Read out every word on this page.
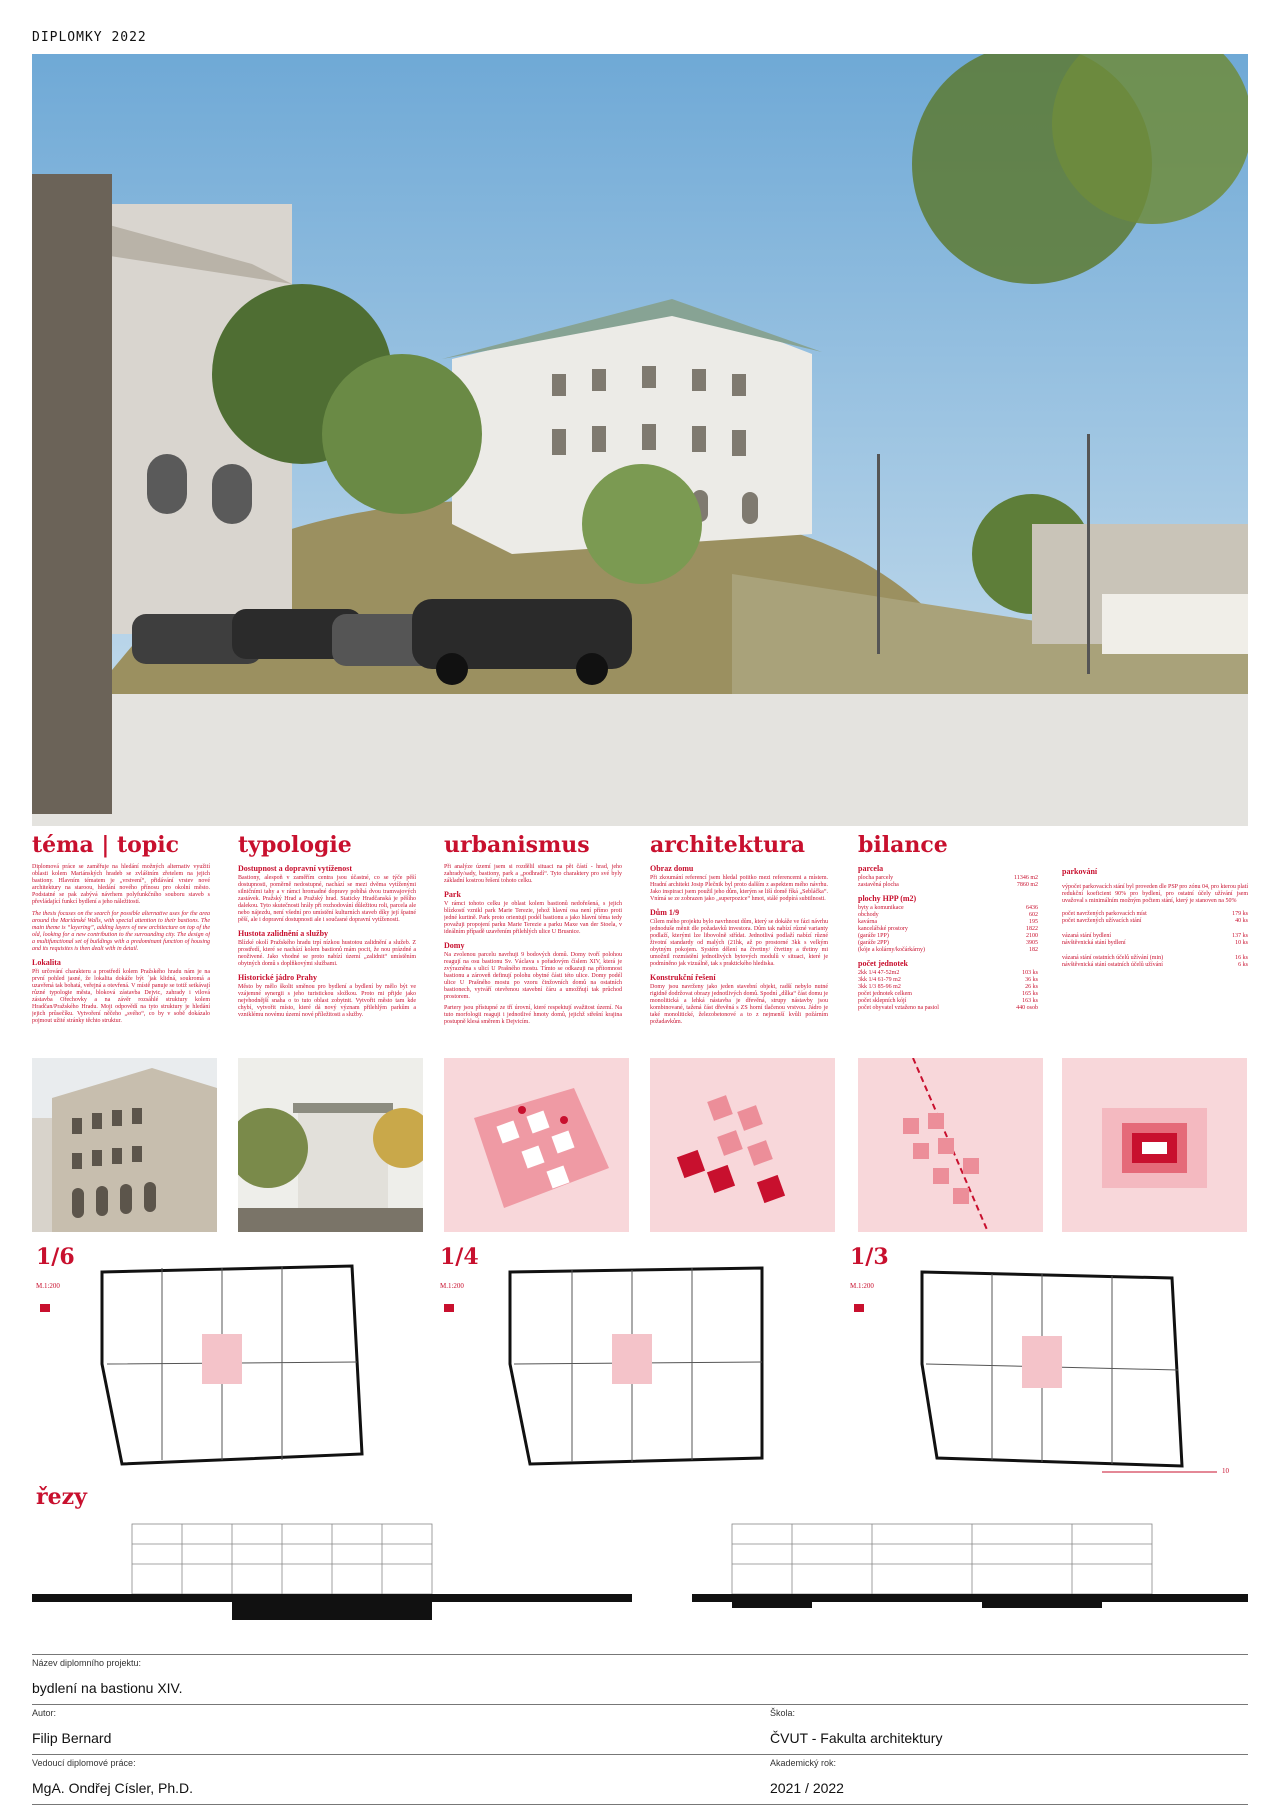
DIPLOMKY 2022
téma | topic

Diplomová práce se zaměřuje na hledání možných alternativ využití oblasti kolem Mariánských hradeb se zvláštním zřetelem na jejich bastiony. Hlavním tématem je „vrstvení“, přidávání vrstev nové architektury na staroou, hledání nového přínosu pro okolní město. Podstatné se pak zabývá návrhem polyfunkčního souboru staveb s převládající funkcí bydlení a jeho náležitostí.

The thesis focuses on the search for possible alternative uses for the area around the Mariánské Walls, with special attention to their bastions. The main theme is “layering”, adding layers of new architecture on top of the old, looking for a new contribution to the surrounding city. The design of a multifunctional set of buildings with a predominant function of housing and its requisites is then dealt with in detail.

Lokalita

Při určování charakteru a prostředí kolem Pražského hradu nám je na první pohled jasné, že lokalita dokáže být ´jak klidná, soukromá a uzavřená tak bohatá, veřejná a otevřená. V místě panuje se totiž setkávají různé typologie města, bloková zástavba Dejvic, zahrady i vilová zástavba Ořechovky a na závěr rozsáhlé struktury kolem Hradčan/Pražského Hradu. Moji odpovědí na tyto struktury je hledání jejich průsečíku. Vytvoření něčeho „svého“, co by v sobě dokázalo pojmout užité stránky těchto struktur.

typologie
Dostupnost a dopravní vytíženost

Bastiony, alespoň v zaměřím centra jsou účastné, co se týče pěší dostupnosti, poměrně nedostupné, nachází se mezi dvěma vytíženými silničními tahy a v rámci hromadné dopravy pobíhá dvou tramvajových zastávek. Pražský Hrad a Pražský hrad. Staticky Hradčanská je pěšího dalekou. Tyto skutečnosti hrály při rozhodování důležitou roli, parcela ale nebo nájezdu, není všední pro umístění kulturních staveb díky její špatné pěší, ale i dopravní dostupnosti ale i současné dopravní vytíženosti.

Hustota zalidnění a služby

Blízké okolí Pražského hradu trpí nízkou hustotou zalidnění a služeb. Z prostředí, které se nachází kolem bastionů mám pocit, že nou prázdné a neoživené. Jako vhodné se proto nabízí území „zalidnit“ umístěním obytných domů s doplňkovými službami.

Historické jádro Prahy

Město by mělo školit směnou pro bydlení a bydlení by mělo být ve vzájemné synergii s jeho turistickou složkou. Proto mi přijde jako nejvhodnější snaha o to tuto oblast zobytnit. Vytvořit město tam kde chybí, vytvořit místo, které dá nový význam přilehlým parkům a vzniklému novému území nové příležitosti a služby.

urbanismus

Při analýze území jsem si rozdělil situaci na pět částí - hrad, jeho zahrady/sady, bastiony, park a „podhradí“. Tyto charaktery pro své byly základní kostrou řešení tohoto celku.

Park

V rámci tohoto celku je oblast kolem bastionů nedořešená, s jejich blízkostí vznikl park Marie Terezie, jehož hlavní osa není přímo proti jedné kurtině. Park proto orientuji podél bastionu a jako hlavní téma tedy považuji propojení parku Marie Terezie a parku Maxe van der Stoela, v ideálním případě uzavřením přilehlých ulice U Brusnice.

Domy

Na zvolenou parcelu navrhuji 9 bodových domů. Domy tvoří polohou reagují na osu bastionu Sv. Václava s pořadovým číslem XIV, která je zvýrazněna s ulicí U Prašného mostu. Tímto se odkazuji na přítomnost bastionu a zároveň definují polohu obytné části této ulice. Domy podél ulice U Prašného mostu po vzoru činžovních domů na ostatních bastionech, vytváří otevřenou stavební čáru a umožňují tak průchod prostorem.

Partery jsou přístupné ze tří úrovní, které respektují svažitost území. Na tuto morfologii reaguji i jednotlivé hmoty domů, jejichž střešní krajina postupně klesá směrem k Dejvicím.

architektura
Obraz domu

Při zkoumání referencí jsem hledal poiitko mezi referencemi a místem. Hradní architekt Josip Plečnik byl proto dalším z aspektem mého návrhu. Jako inspiraci jsem použil jeho dům, kterým se liší domě říká „Sebláčka“. Vnímá se ze zobrazen jako „superpozice“ hmot, stálé podpírá subtilnosti.

Dům 1/9

Cílem mého projektu bylo navrhnout dům, který se dokáže ve fázi návrhu jednoduše měnit dle požadavků investora. Dům tak nabízí různé varianty podlaží, kterými lze libovolně střídat. Jednotlivá podlaží nabízí různé životní standardy od malých (21hk, až po prostorné 3kk s velkým obytným pokojem. Systém dělení na čtvrtiny/ čtvrtiny a třetiny mi umožnil rozmístění jednotlivých bytových modulů v situaci, které je podmíněno jak vizuálně, tak s praktického hlediska.

Konstrukční řešení

Domy jsou navrženy jako jeden stavební objekt, radší nebylo nutné rigidně dodržovat obrazy jednotlivých domů. Spodní „dílka“ část domu je monolitická a lehká nástavba je dřevěná, strupy nástavby jsou kombinované, tažená část dřevěná s ZS horní tlačenou vrstvou. Jádro je také monolitické, železobetonové a to z nejmenší kvůli požárním požadavkům.

bilance
parcela
plocha parcely	11346 m2
zastavěná plocha	7860 m2
plochy HPP (m2)
byty a komunikace	6436
obchody	602
kavárna	195
kancelářské prostory	1822
(garáže 1PP)	2100
(garáže 2PP)	3905
(kóje a kolárny/kočárkárny)	182
počet jednotek
2kk 1/4 47-52m2	103 ks
3kk 1/4 61-79 m2	36 ks
3kk 1/3 85-96 m2	26 ks
počet jednotek celkem	165 ks
počet sklepních kójí	163 ks
počet obyvatel vztaženo na pasiol	440 osob
parkování

výpočet parkovacích stání byl proveden dle PSP pro zónu 04, pro kterou platí redukční koeficient 90% pro bydlení, pro ostatní účely užívání jsem uvažoval s minimálním možným počtem stání, který je stanoven na 50%

počet navržených parkovacích míst	179 ks
počet navržených užívacích stání	40 ks
vázaná stání bydlení	137 ks
návštěvnická stání bydlení	10 ks
vázaná stání ostatních účelů užívání (min)	16 ks
návštěvnická stání ostatních účelů užívání	6 ks
1/6
M.1:200
1/4
M.1:200
1/3
M.1:200
10
řezy
Název diplomního projektu:
bydlení na bastionu XIV.
Autor:
Filip Bernard
Škola:
ČVUT - Fakulta architektury
Vedoucí diplomové práce:
MgA. Ondřej Císler, Ph.D.
Akademický rok:
2021 / 2022
